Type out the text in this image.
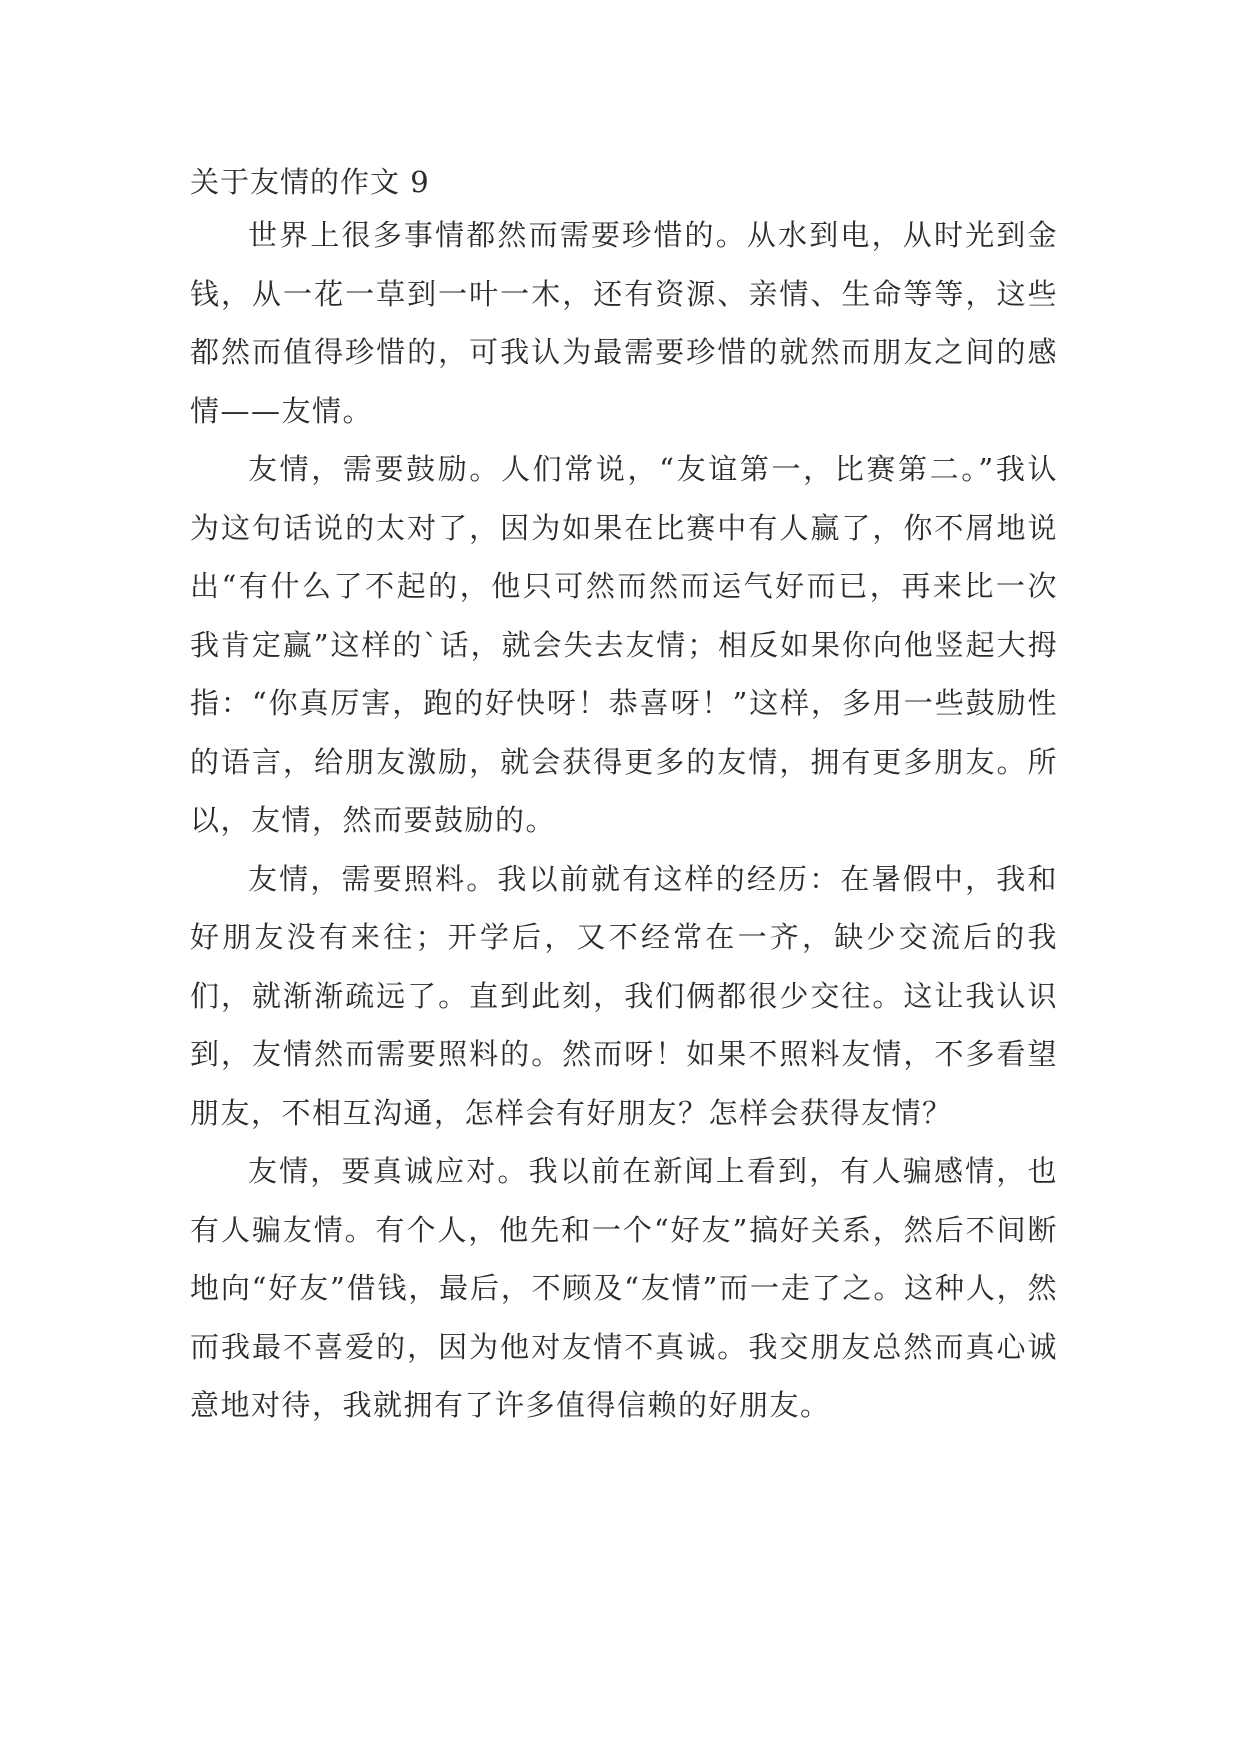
关于友情的作文 9

世界上很多事情都然而需要珍惜的。从水到电，从时光到金钱，从一花一草到一叶一木，还有资源、亲情、生命等等，这些都然而值得珍惜的，可我认为最需要珍惜的就然而朋友之间的感情——友情。

友情，需要鼓励。人们常说，“友谊第一，比赛第二。”我认为这句话说的太对了，因为如果在比赛中有人赢了，你不屑地说出“有什么了不起的，他只可然而然而运气好而已，再来比一次我肯定赢”这样的`话，就会失去友情；相反如果你向他竖起大拇指：“你真厉害，跑的好快呀！恭喜呀！”这样，多用一些鼓励性的语言，给朋友激励，就会获得更多的友情，拥有更多朋友。所以，友情，然而要鼓励的。

友情，需要照料。我以前就有这样的经历：在暑假中，我和好朋友没有来往；开学后，又不经常在一齐，缺少交流后的我们，就渐渐疏远了。直到此刻，我们俩都很少交往。这让我认识到，友情然而需要照料的。然而呀！如果不照料友情，不多看望朋友，不相互沟通，怎样会有好朋友？怎样会获得友情？

友情，要真诚应对。我以前在新闻上看到，有人骗感情，也有人骗友情。有个人，他先和一个“好友”搞好关系，然后不间断地向“好友”借钱，最后，不顾及“友情”而一走了之。这种人，然而我最不喜爱的，因为他对友情不真诚。我交朋友总然而真心诚意地对待，我就拥有了许多值得信赖的好朋友。
